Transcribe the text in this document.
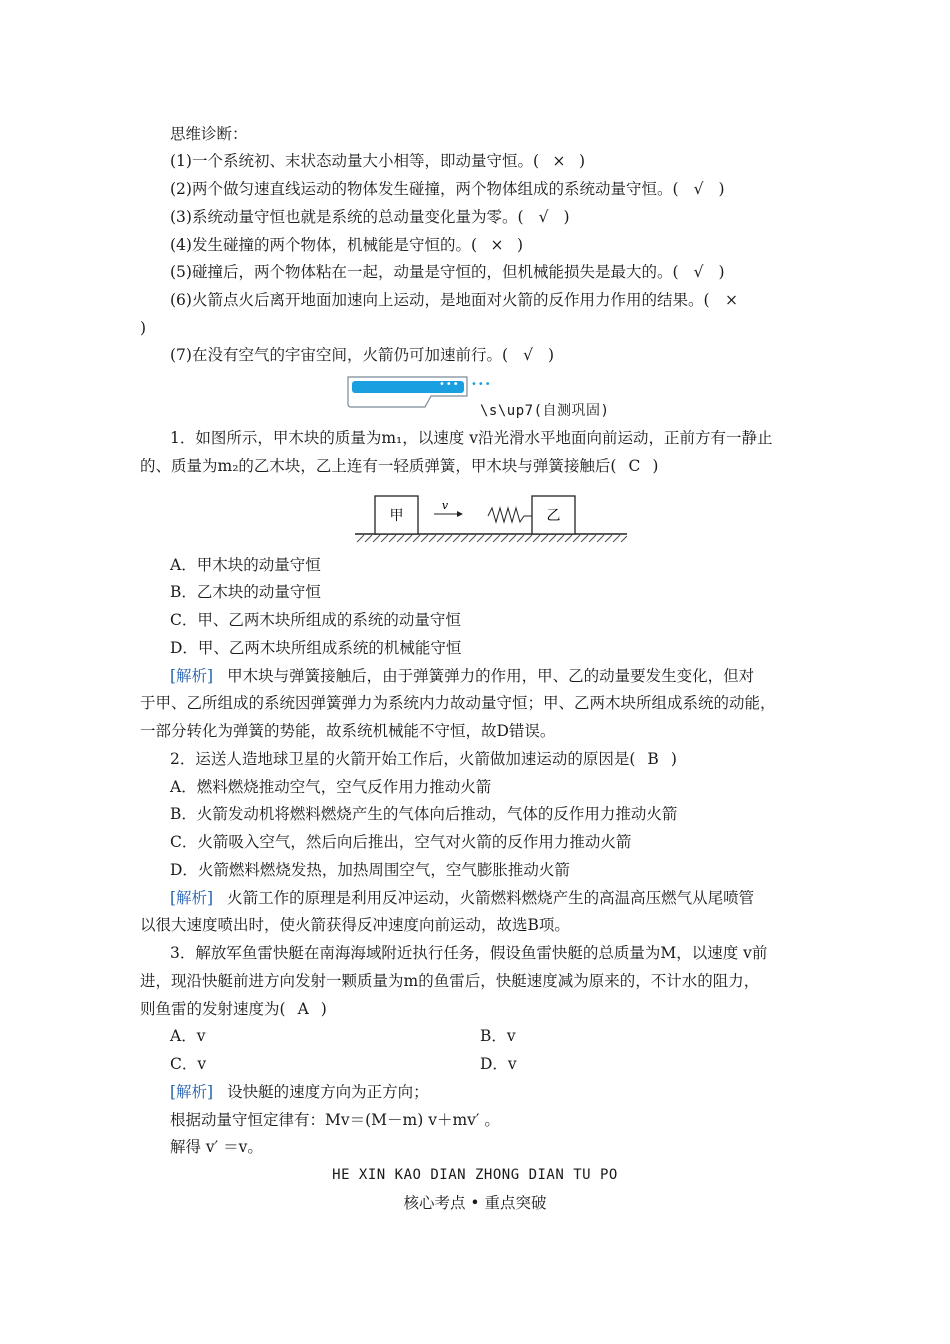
思维诊断：
(1)一个系统初、末状态动量大小相等，即动量守恒。( × )
(2)两个做匀速直线运动的物体发生碰撞，两个物体组成的系统动量守恒。( √ )
(3)系统动量守恒也就是系统的总动量变化量为零。( √ )
(4)发生碰撞的两个物体，机械能是守恒的。( × )
(5)碰撞后，两个物体粘在一起，动量是守恒的，但机械能损失是最大的。( √ )
(6)火箭点火后离开地面加速向上运动，是地面对火箭的反作用力作用的结果。( ×
)
(7)在没有空气的宇宙空间，火箭仍可加速前行。( √ )
••• •••
\s\up7(自测巩固)
1．如图所示，甲木块的质量为m₁，以速度 v沿光滑水平地面向前运动，正前方有一静止
的、质量为m₂的乙木块，乙上连有一轻质弹簧，甲木块与弹簧接触后( C )
甲
v
乙
A．甲木块的动量守恒
B．乙木块的动量守恒
C．甲、乙两木块所组成的系统的动量守恒
D．甲、乙两木块所组成系统的机械能守恒
[解析] 甲木块与弹簧接触后，由于弹簧弹力的作用，甲、乙的动量要发生变化，但对
于甲、乙所组成的系统因弹簧弹力为系统内力故动量守恒；甲、乙两木块所组成系统的动能，
一部分转化为弹簧的势能，故系统机械能不守恒，故D错误。
2．运送人造地球卫星的火箭开始工作后，火箭做加速运动的原因是( B )
A．燃料燃烧推动空气，空气反作用力推动火箭
B．火箭发动机将燃料燃烧产生的气体向后推动，气体的反作用力推动火箭
C．火箭吸入空气，然后向后推出，空气对火箭的反作用力推动火箭
D．火箭燃料燃烧发热，加热周围空气，空气膨胀推动火箭
[解析] 火箭工作的原理是利用反冲运动，火箭燃料燃烧产生的高温高压燃气从尾喷管
以很大速度喷出时，使火箭获得反冲速度向前运动，故选B项。
3．解放军鱼雷快艇在南海海域附近执行任务，假设鱼雷快艇的总质量为M，以速度 v前
进，现沿快艇前进方向发射一颗质量为m的鱼雷后，快艇速度减为原来的，不计水的阻力，
则鱼雷的发射速度为( A )
A．v	B．v
C．v	D．v
[解析] 设快艇的速度方向为正方向；
根据动量守恒定律有：Mv＝(M－m) v＋mv′ 。
解得 v′ ＝v。
HE XIN KAO DIAN ZHONG DIAN TU PO
核心考点 • 重点突破
